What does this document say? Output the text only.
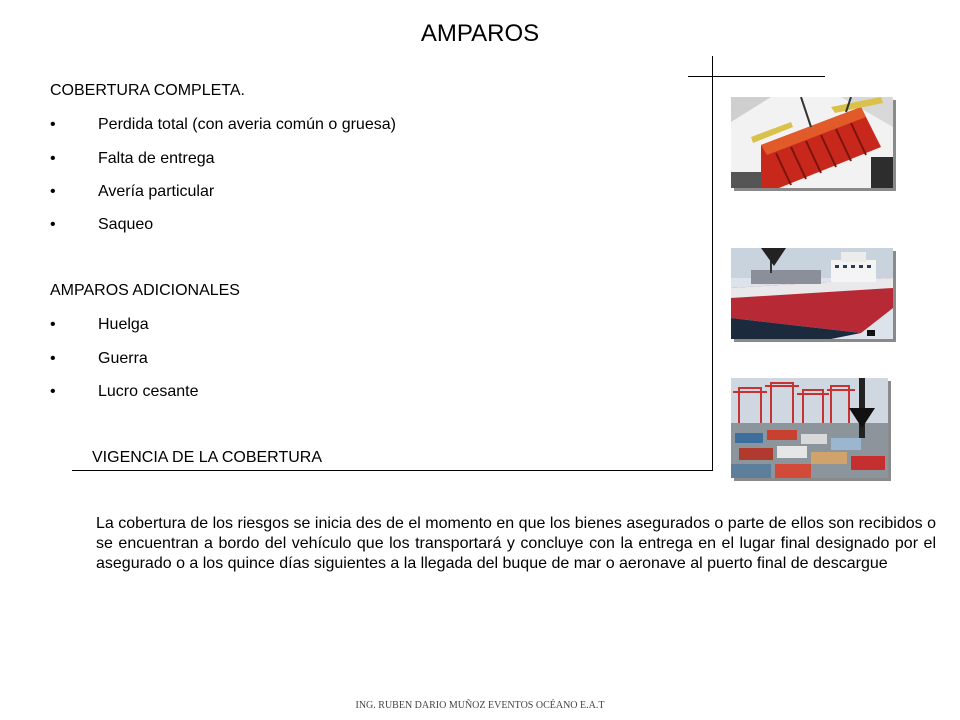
AMPAROS
COBERTURA COMPLETA.
•	Perdida total (con averia común o gruesa)
•	Falta de entrega
•	Avería particular
•	Saqueo
AMPAROS ADICIONALES
•	Huelga
•	Guerra
•	Lucro cesante
VIGENCIA DE LA COBERTURA
La cobertura de los riesgos se inicia des de el momento en que los bienes asegurados o parte de ellos son recibidos o se encuentran a bordo del vehículo que los transportará y concluye con la entrega en el lugar final designado por el asegurado o a los quince días siguientes a la llegada del buque de mar o aeronave al puerto final de descargue
ING. RUBEN DARIO MUÑOZ EVENTOS OCÉANO E.A.T
